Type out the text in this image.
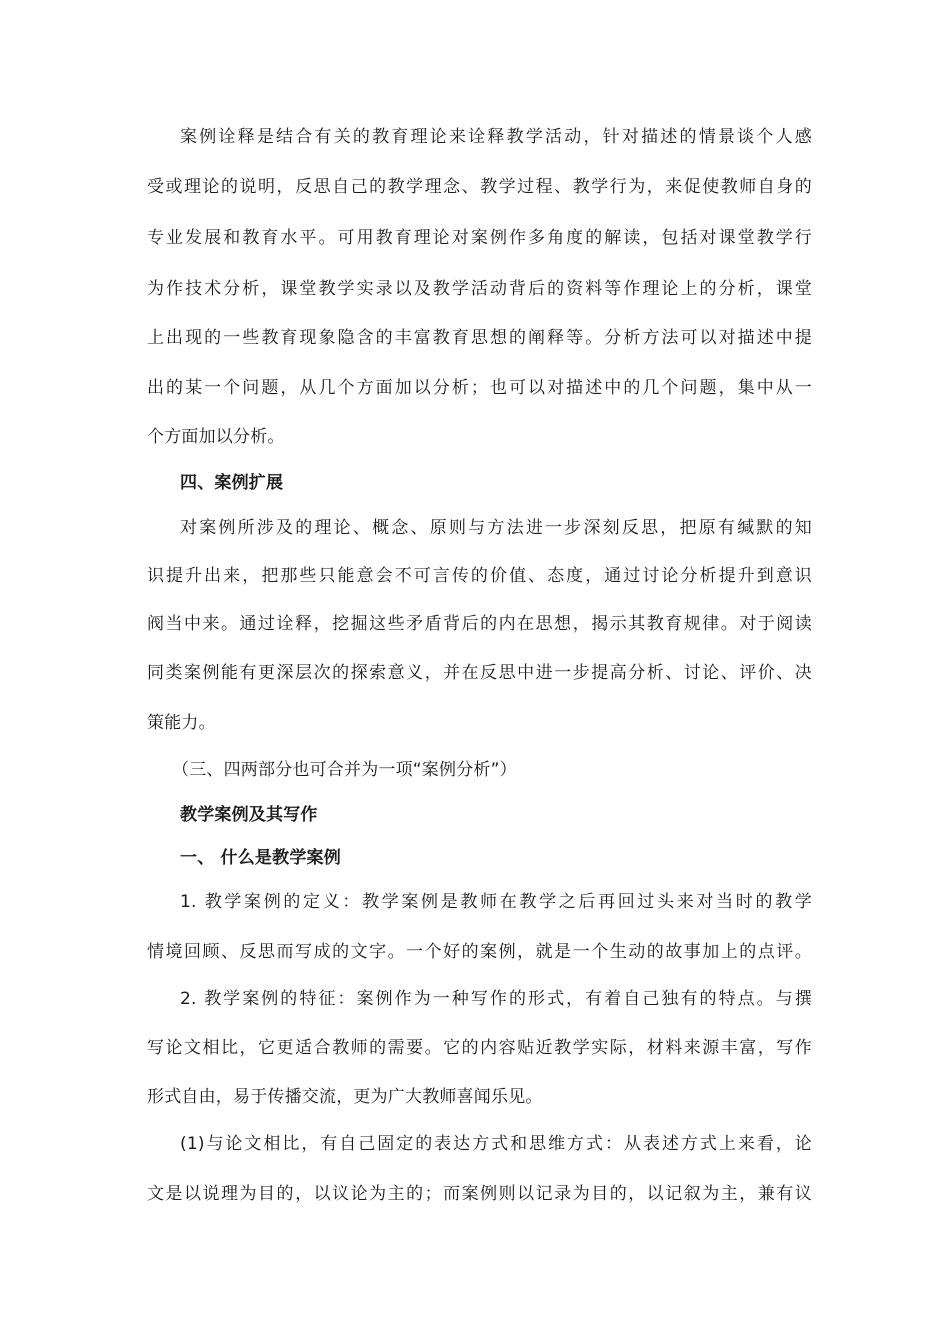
案例诠释是结合有关的教育理论来诠释教学活动，针对描述的情景谈个人感
受或理论的说明，反思自己的教学理念、教学过程、教学行为，来促使教师自身的
专业发展和教育水平。可用教育理论对案例作多角度的解读，包括对课堂教学行
为作技术分析，课堂教学实录以及教学活动背后的资料等作理论上的分析，课堂
上出现的一些教育现象隐含的丰富教育思想的阐释等。分析方法可以对描述中提
出的某一个问题，从几个方面加以分析；也可以对描述中的几个问题，集中从一
个方面加以分析。
四、案例扩展
对案例所涉及的理论、概念、原则与方法进一步深刻反思，把原有缄默的知
识提升出来，把那些只能意会不可言传的价值、态度，通过讨论分析提升到意识
阀当中来。通过诠释，挖掘这些矛盾背后的内在思想，揭示其教育规律。对于阅读
同类案例能有更深层次的探索意义，并在反思中进一步提高分析、讨论、评价、决
策能力。
（三、四两部分也可合并为一项“案例分析”）
教学案例及其写作
一、 什么是教学案例
1. 教学案例的定义：教学案例是教师在教学之后再回过头来对当时的教学
情境回顾、反思而写成的文字。一个好的案例，就是一个生动的故事加上的点评。
2. 教学案例的特征：案例作为一种写作的形式，有着自己独有的特点。与撰
写论文相比，它更适合教师的需要。它的内容贴近教学实际，材料来源丰富，写作
形式自由，易于传播交流，更为广大教师喜闻乐见。
(1)与论文相比，有自己固定的表达方式和思维方式：从表述方式上来看，论
文是以说理为目的，以议论为主的；而案例则以记录为目的，以记叙为主，兼有议
